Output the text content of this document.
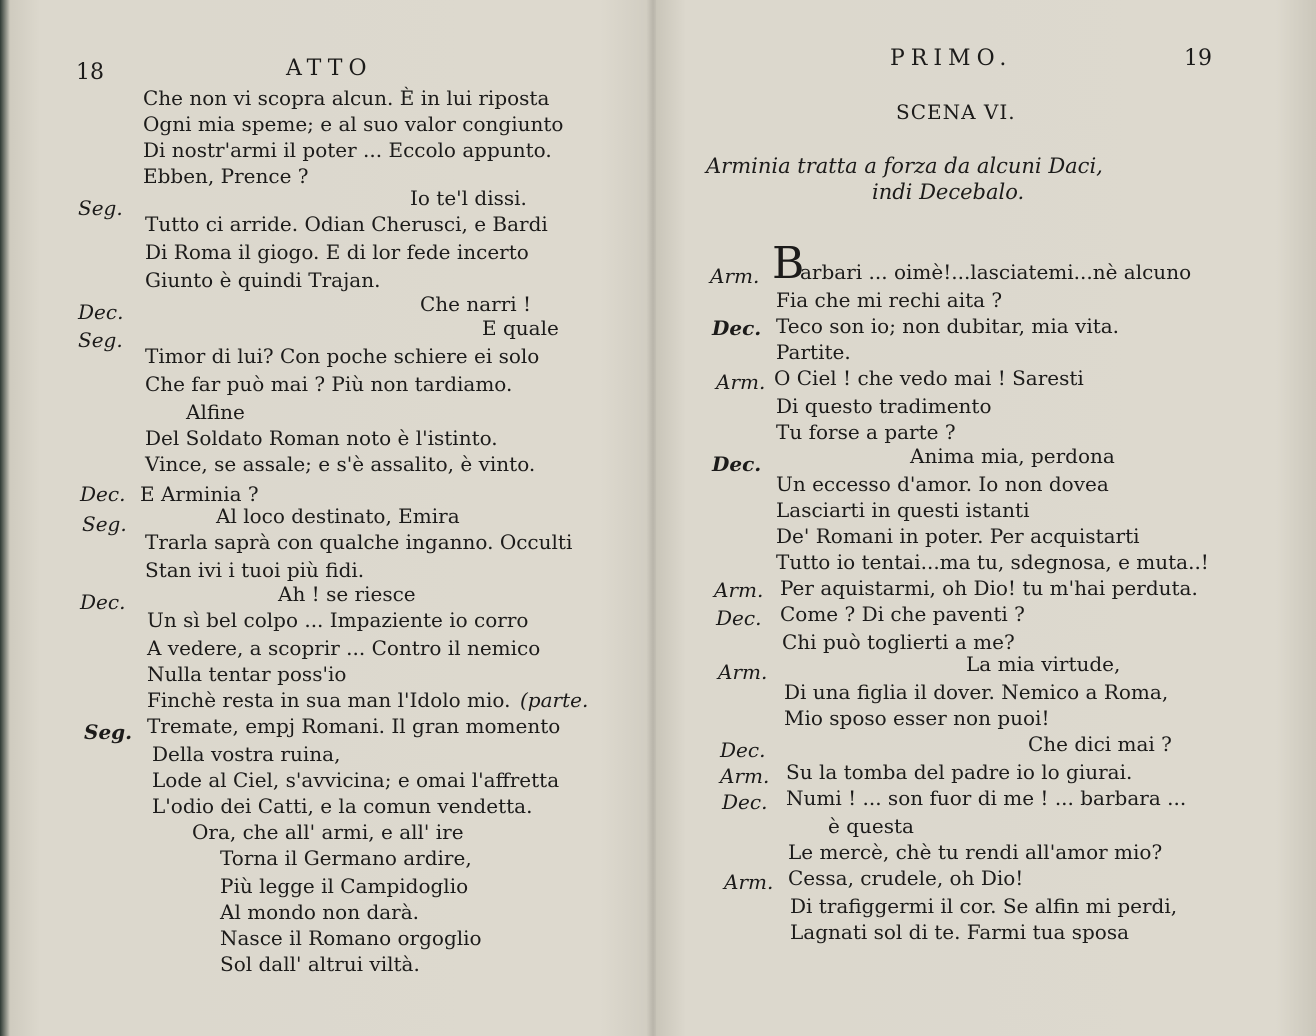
18	ATTO
Che non vi scopra alcun. È in lui riposta
Ogni mia speme; e al suo valor congiunto
Di nostr'armi il poter ... Eccolo appunto.
Ebben, Prence ?
Io te'l dissi.
Seg.
Tutto ci arride. Odian Cherusci, e Bardi
Di Roma il giogo. E di lor fede incerto
Giunto è quindi Trajan.
Che narri !
Dec.
E quale
Seg.
Timor di lui? Con poche schiere ei solo
Che far può mai ? Più non tardiamo.
Alfine
Del Soldato Roman noto è l'istinto.
Vince, se assale; e s'è assalito, è vinto.
Dec. E Arminia ?
Al loco destinato, Emira
Seg.
Trarla saprà con qualche inganno. Occulti
Stan ivi i tuoi più fidi.
Ah ! se riesce
Dec.
Un sì bel colpo ... Impaziente io corro
A vedere, a scoprir ... Contro il nemico
Nulla tentar poss'io
Finchè resta in sua man l'Idolo mio. (parte.
Seg. Tremate, empj Romani. Il gran momento
Della vostra ruina,
Lode al Ciel, s'avvicina; e omai l'affretta
L'odio dei Catti, e la comun vendetta.
Ora, che all' armi, e all' ire
Torna il Germano ardire,
Più legge il Campidoglio
Al mondo non darà.
Nasce il Romano orgoglio
Sol dall' altrui viltà.
PRIMO.	19
SCENA VI.
Arminia tratta a forza da alcuni Daci,
indi Decebalo.
Arm. B
arbari ... oimè!...lasciatemi...nè alcuno
Fia che mi rechi aita ?
Dec. Teco son io; non dubitar, mia vita.
Partite.
Arm. O Ciel ! che vedo mai ! Saresti
Di questo tradimento
Tu forse a parte ?
Dec.	Anima mia, perdona
Un eccesso d'amor. Io non dovea
Lasciarti in questi istanti
De' Romani in poter. Per acquistarti
Tutto io tentai...ma tu, sdegnosa, e muta..!
Arm. Per aquistarmi, oh Dio! tu m'hai perduta.
Dec. Come ? Di che paventi ?
Chi può toglierti a me?
Arm.	La mia virtude,
Di una figlia il dover. Nemico a Roma,
Mio sposo esser non puoi!
Dec.	Che dici mai ?
Arm. Su la tomba del padre io lo giurai.
Dec. Numi ! ... son fuor di me ! ... barbara ...
è questa
Le mercè, chè tu rendi all'amor mio?
Arm. Cessa, crudele, oh Dio!
Di trafiggermi il cor. Se alfin mi perdi,
Lagnati sol di te. Farmi tua sposa
